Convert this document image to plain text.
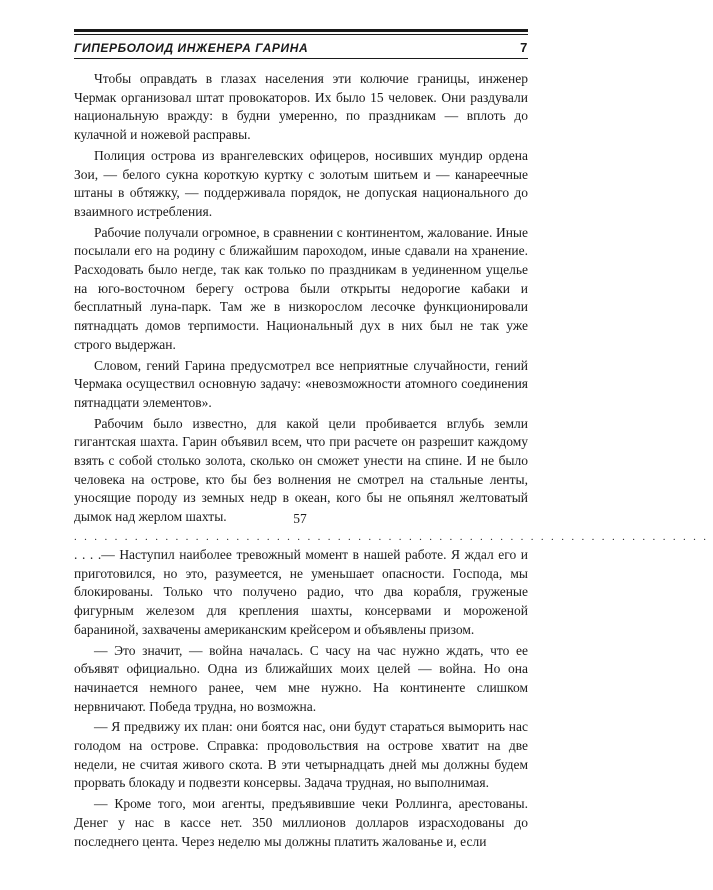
ГИПЕРБОЛОИД ИНЖЕНЕРА ГАРИНА	7

Чтобы оправдать в глазах населения эти колючие границы, инженер Чермак организовал штат провокаторов. Их было 15 человек. Они раздували национальную вражду: в будни умеренно, по праздникам — вплоть до кулачной и ножевой расправы.

Полиция острова из врангелевских офицеров, носивших мундир ордена Зои, — белого сукна короткую куртку с золотым шитьем и — канареечные штаны в обтяжку, — поддерживала порядок, не допуская национального до взаимного истребления.

Рабочие получали огромное, в сравнении с континентом, жалование. Иные посылали его на родину с ближайшим пароходом, иные сдавали на хранение. Расходовать было негде, так как только по праздникам в уединенном ущелье на юго-восточном берегу острова были открыты недорогие кабаки и бесплатный луна-парк. Там же в низкорослом лесочке функционировали пятнадцать домов терпимости. Национальный дух в них был не так уже строго выдержан.

Словом, гений Гарина предусмотрел все неприятные случайности, гений Чермака осуществил основную задачу: «невозможности атомного соединения пятнадцати элементов».

Рабочим было известно, для какой цели пробивается вглубь земли гигантская шахта. Гарин объявил всем, что при расчете он разрешит каждому взять с собой столько золота, сколько он сможет унести на спине. И не было человека на острове, кто бы без волнения не смотрел на стальные ленты, уносящие породу из земных недр в океан, кого бы не опьянял желтоватый дымок над жерлом шахты.	57
...............................................................

. . . .— Наступил наиболее тревожный момент в нашей работе. Я ждал его и приготовился, но это, разумеется, не уменьшает опасности. Господа, мы блокированы. Только что получено радио, что два корабля, груженые фигурным железом для крепления шахты, консервами и мороженой бараниной, захвачены американским крейсером и объявлены призом.

— Это значит, — война началась. С часу на час нужно ждать, что ее объявят официально. Одна из ближайших моих целей — война. Но она начинается немного ранее, чем мне нужно. На континенте слишком нервничают. Победа трудна, но возможна.

— Я предвижу их план: они боятся нас, они будут стараться выморить нас голодом на острове. Справка: продовольствия на острове хватит на две недели, не считая живого скота. В эти четырнадцать дней мы должны будем прорвать блокаду и подвезти консервы. Задача трудная, но выполнимая.

— Кроме того, мои агенты, предъявившие чеки Роллинга, арестованы. Денег у нас в кассе нет. 350 миллионов долларов израсходованы до последнего цента. Через неделю мы должны платить жалованье и, если
